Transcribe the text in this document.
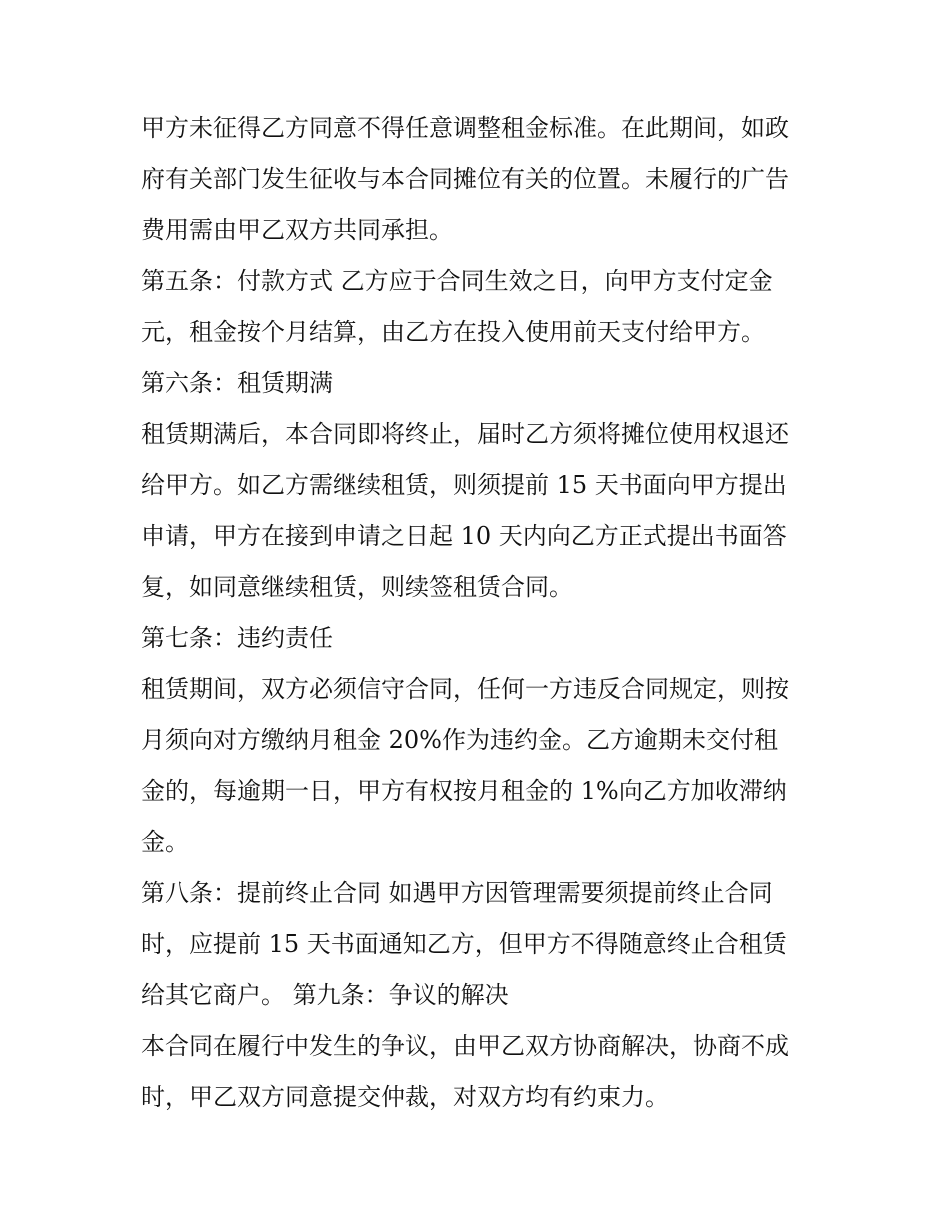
甲方未征得乙方同意不得任意调整租金标准。在此期间，如政
府有关部门发生征收与本合同摊位有关的位置。未履行的广告
费用需由甲乙双方共同承担。

第五条：付款方式 乙方应于合同生效之日，向甲方支付定金
元，租金按个月结算，由乙方在投入使用前天支付给甲方。

第六条：租赁期满

租赁期满后，本合同即将终止，届时乙方须将摊位使用权退还
给甲方。如乙方需继续租赁，则须提前 15 天书面向甲方提出
申请，甲方在接到申请之日起 10 天内向乙方正式提出书面答
复，如同意继续租赁，则续签租赁合同。

第七条：违约责任

租赁期间，双方必须信守合同，任何一方违反合同规定，则按
月须向对方缴纳月租金 20%作为违约金。乙方逾期未交付租
金的，每逾期一日，甲方有权按月租金的 1%向乙方加收滞纳
金。

第八条：提前终止合同 如遇甲方因管理需要须提前终止合同
时，应提前 15 天书面通知乙方，但甲方不得随意终止合租赁
给其它商户。 第九条：争议的解决

本合同在履行中发生的争议，由甲乙双方协商解决，协商不成
时，甲乙双方同意提交仲裁，对双方均有约束力。
